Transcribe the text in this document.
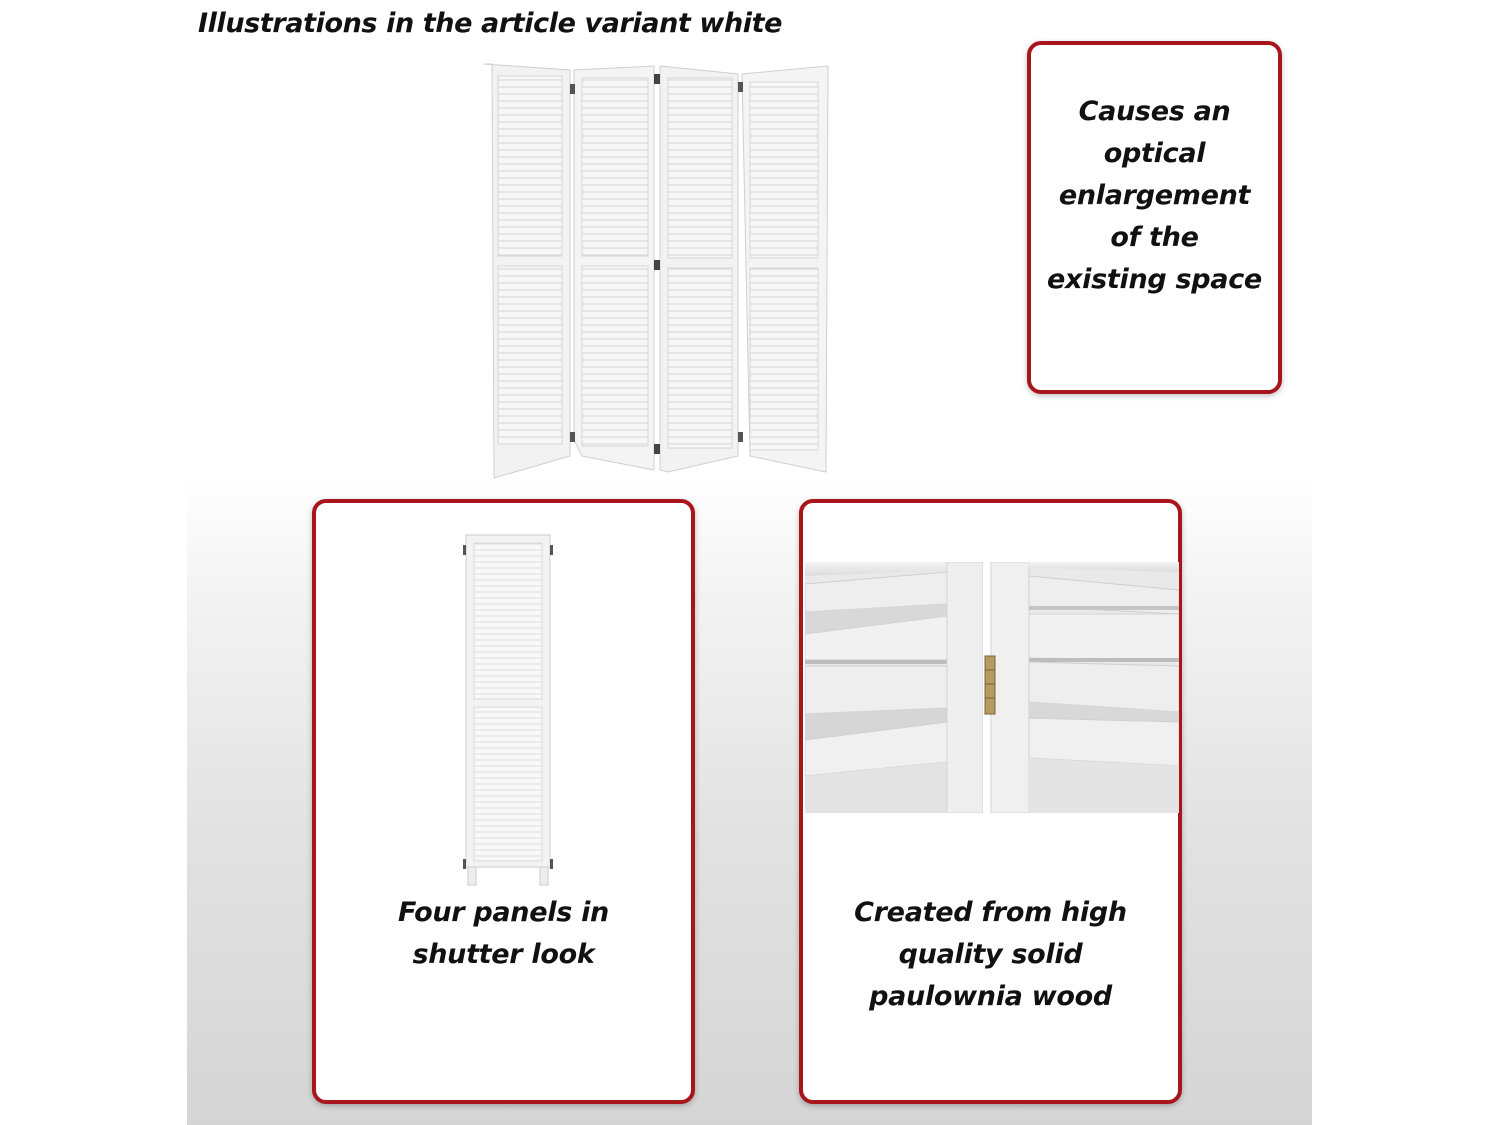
Illustrations in the article variant white

Causes an
optical
enlargement
of the
existing space

Four panels in
shutter look

Created from high
quality solid
paulownia wood
